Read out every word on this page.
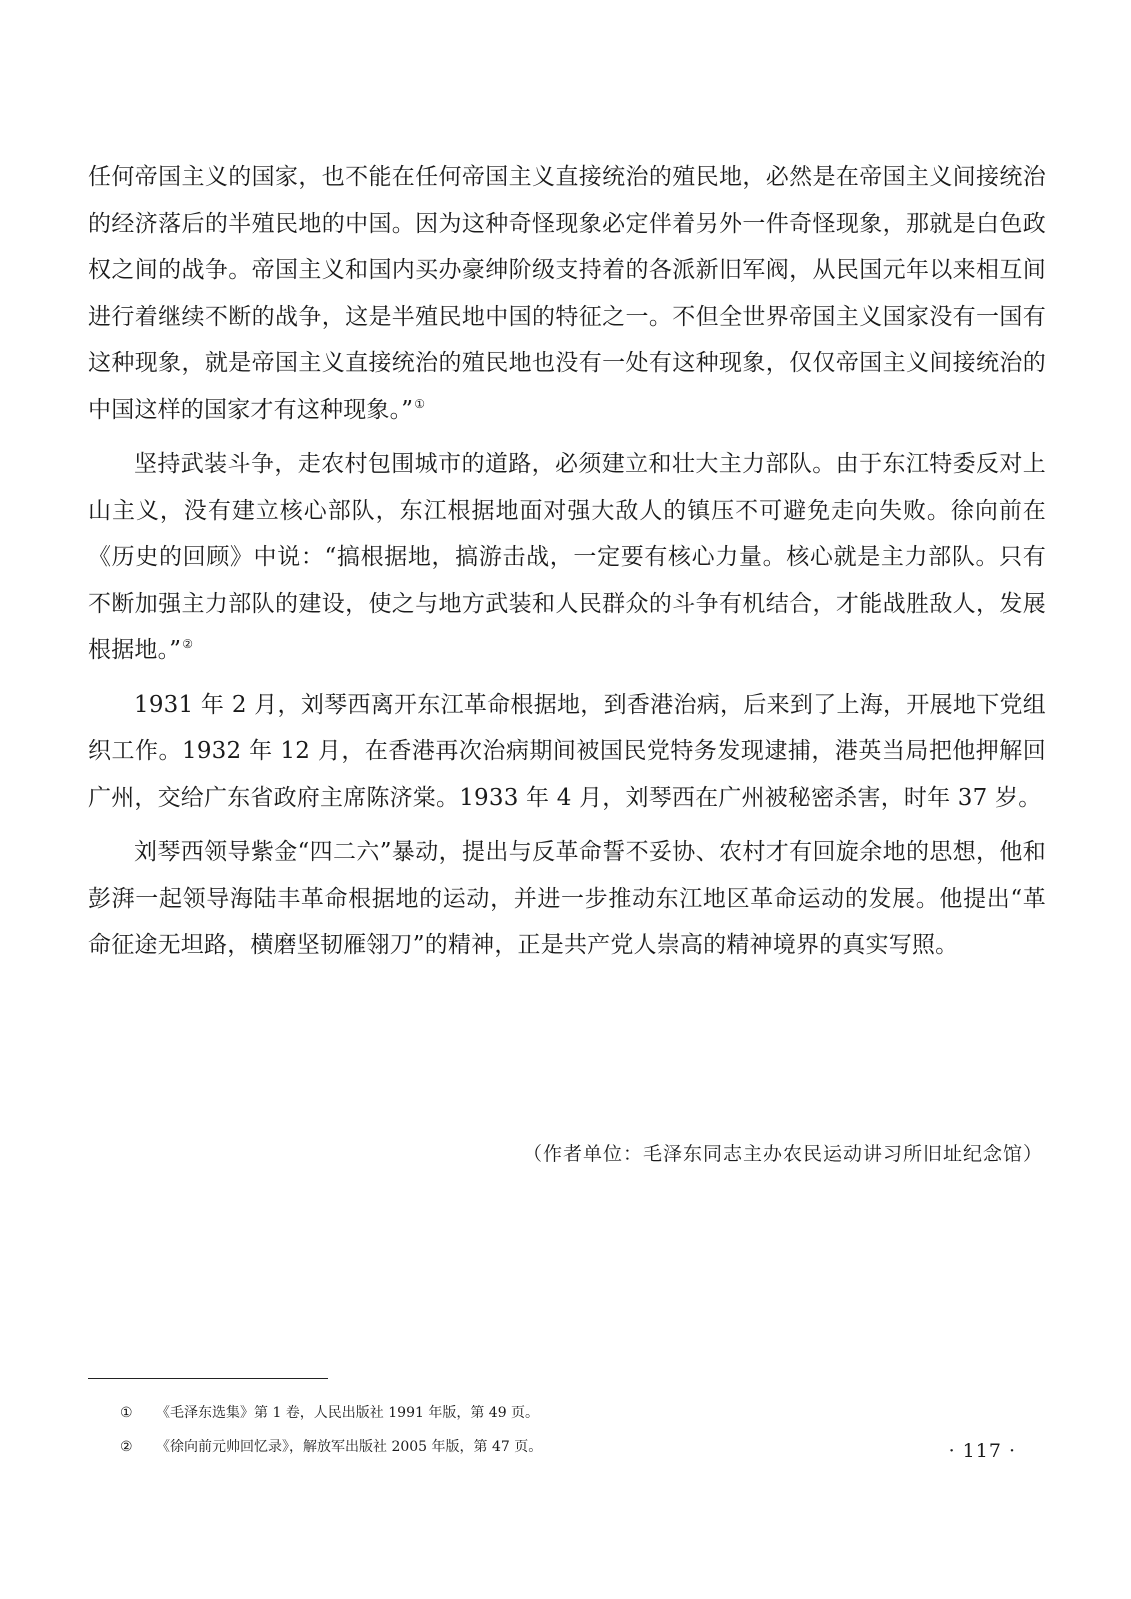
任何帝国主义的国家，也不能在任何帝国主义直接统治的殖民地，必然是在帝国主义间接统治的经济落后的半殖民地的中国。因为这种奇怪现象必定伴着另外一件奇怪现象，那就是白色政权之间的战争。帝国主义和国内买办豪绅阶级支持着的各派新旧军阀，从民国元年以来相互间进行着继续不断的战争，这是半殖民地中国的特征之一。不但全世界帝国主义国家没有一国有这种现象，就是帝国主义直接统治的殖民地也没有一处有这种现象，仅仅帝国主义间接统治的中国这样的国家才有这种现象。”①

坚持武装斗争，走农村包围城市的道路，必须建立和壮大主力部队。由于东江特委反对上山主义，没有建立核心部队，东江根据地面对强大敌人的镇压不可避免走向失败。徐向前在《历史的回顾》中说：“搞根据地，搞游击战，一定要有核心力量。核心就是主力部队。只有不断加强主力部队的建设，使之与地方武装和人民群众的斗争有机结合，才能战胜敌人，发展根据地。”②

1931 年 2 月，刘琴西离开东江革命根据地，到香港治病，后来到了上海，开展地下党组织工作。1932 年 12 月，在香港再次治病期间被国民党特务发现逮捕，港英当局把他押解回广州，交给广东省政府主席陈济棠。1933 年 4 月，刘琴西在广州被秘密杀害，时年 37 岁。

刘琴西领导紫金“四二六”暴动，提出与反革命誓不妥协、农村才有回旋余地的思想，他和彭湃一起领导海陆丰革命根据地的运动，并进一步推动东江地区革命运动的发展。他提出“革命征途无坦路，横磨坚韧雁翎刀”的精神，正是共产党人崇高的精神境界的真实写照。

（作者单位：毛泽东同志主办农民运动讲习所旧址纪念馆）

① 《毛泽东选集》第 1 卷，人民出版社 1991 年版，第 49 页。

② 《徐向前元帅回忆录》，解放军出版社 2005 年版，第 47 页。	· 117 ·
